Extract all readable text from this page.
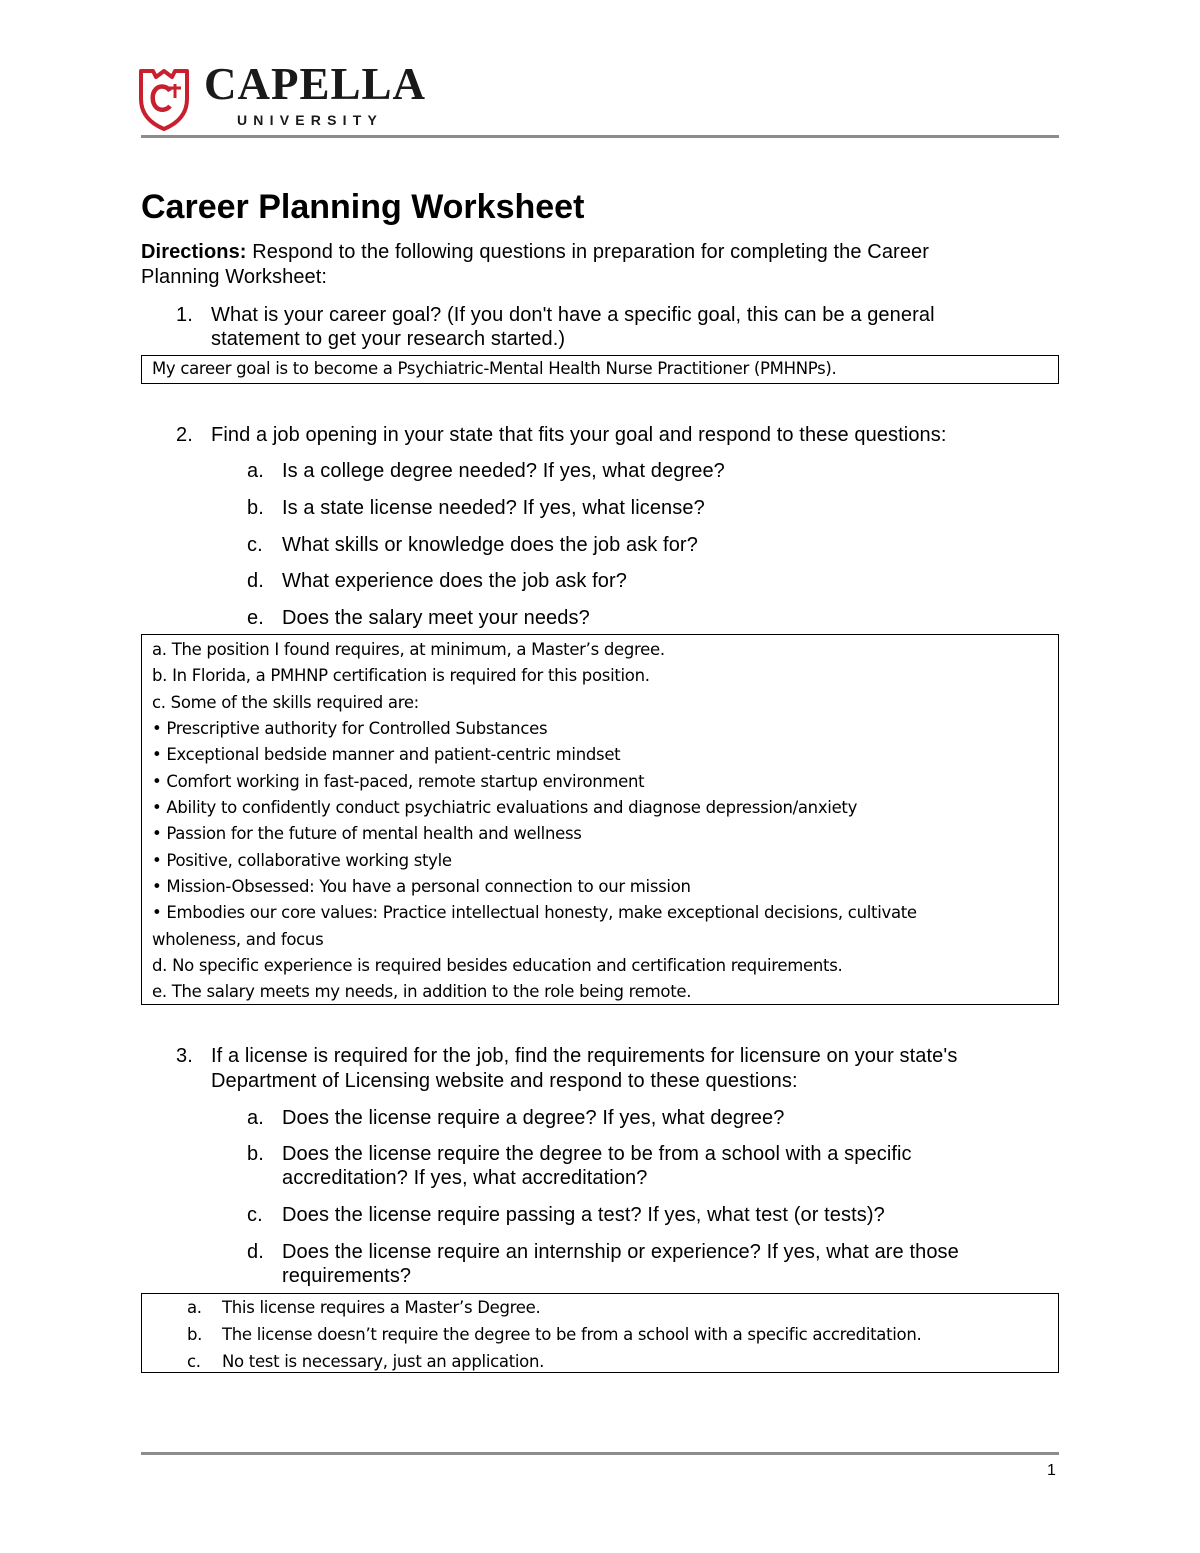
CAPELLA
UNIVERSITY
Career Planning Worksheet
Directions: Respond to the following questions in preparation for completing the Career
Planning Worksheet:
1. What is your career goal? (If you don't have a specific goal, this can be a general
statement to get your research started.)
My career goal is to become a Psychiatric-Mental Health Nurse Practitioner (PMHNPs).
2. Find a job opening in your state that fits your goal and respond to these questions:
a. Is a college degree needed? If yes, what degree?
b. Is a state license needed? If yes, what license?
c. What skills or knowledge does the job ask for?
d. What experience does the job ask for?
e. Does the salary meet your needs?
a. The position I found requires, at minimum, a Master’s degree.
b. In Florida, a PMHNP certification is required for this position.
c. Some of the skills required are:
• Prescriptive authority for Controlled Substances
• Exceptional bedside manner and patient-centric mindset
• Comfort working in fast-paced, remote startup environment
• Ability to confidently conduct psychiatric evaluations and diagnose depression/anxiety
• Passion for the future of mental health and wellness
• Positive, collaborative working style
• Mission-Obsessed: You have a personal connection to our mission
• Embodies our core values: Practice intellectual honesty, make exceptional decisions, cultivate
wholeness, and focus
d. No specific experience is required besides education and certification requirements.
e. The salary meets my needs, in addition to the role being remote.
3. If a license is required for the job, find the requirements for licensure on your state's
Department of Licensing website and respond to these questions:
a. Does the license require a degree? If yes, what degree?
b. Does the license require the degree to be from a school with a specific
accreditation? If yes, what accreditation?
c. Does the license require passing a test? If yes, what test (or tests)?
d. Does the license require an internship or experience? If yes, what are those
requirements?
a. This license requires a Master’s Degree.
b. The license doesn’t require the degree to be from a school with a specific accreditation.
c. No test is necessary, just an application.
1
